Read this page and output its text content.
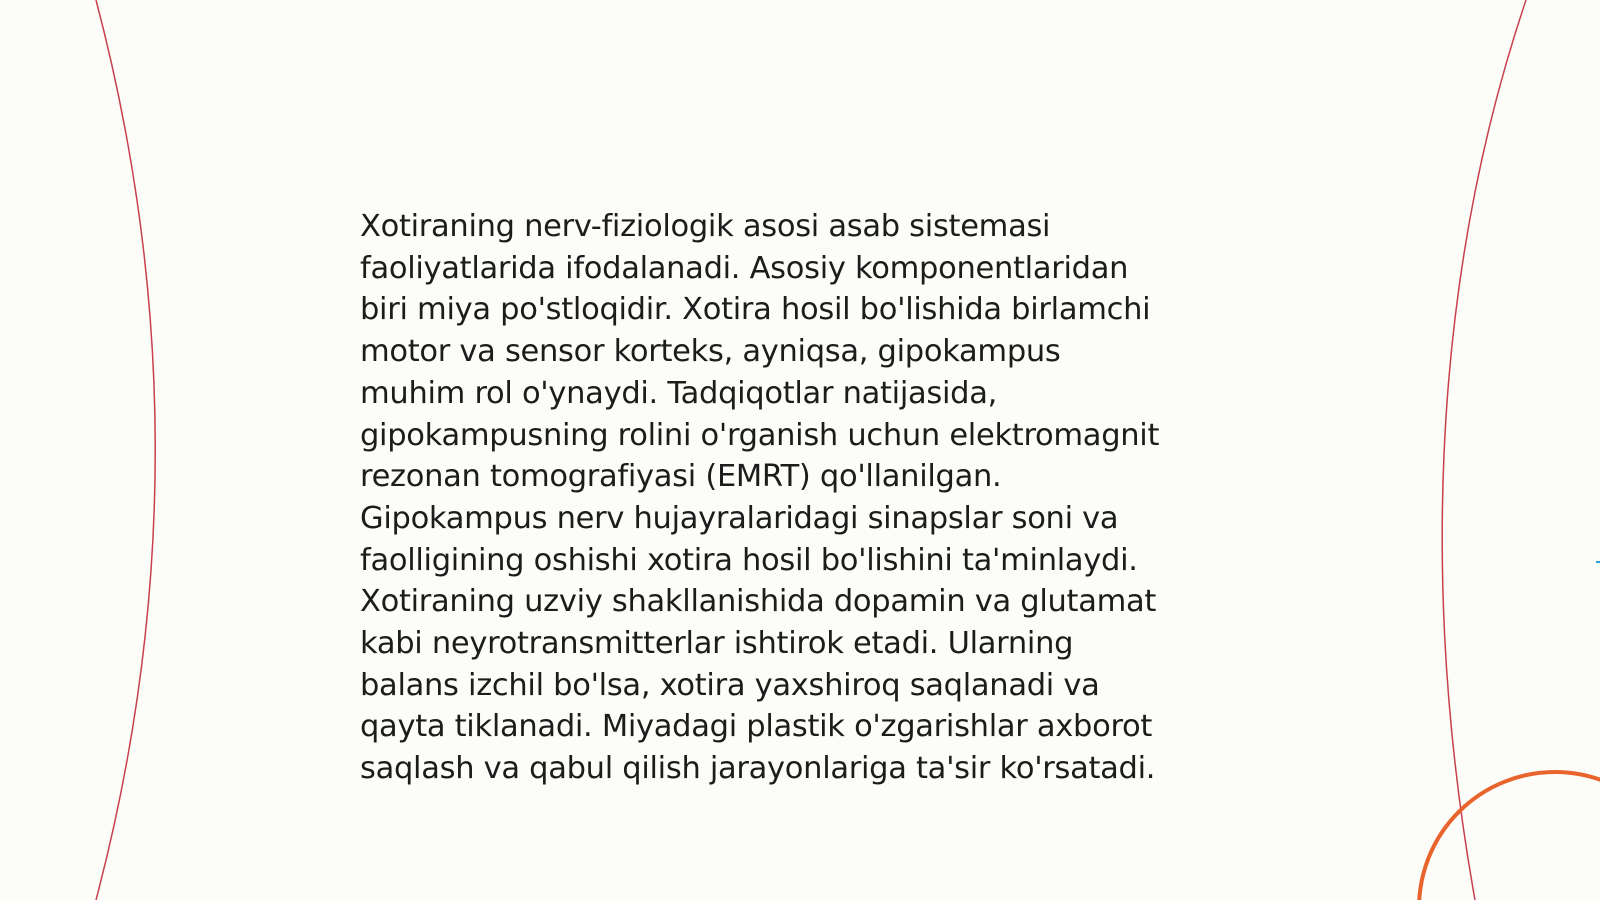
Xotiraning nerv-fiziologik asosi asab sistemasi
faoliyatlarida ifodalanadi. Asosiy komponentlaridan
biri miya po'stloqidir. Xotira hosil bo'lishida birlamchi
motor va sensor korteks, ayniqsa, gipokampus
muhim rol o'ynaydi. Tadqiqotlar natijasida,
gipokampusning rolini o'rganish uchun elektromagnit
rezonan tomografiyasi (EMRT) qo'llanilgan.
Gipokampus nerv hujayralaridagi sinapslar soni va
faolligining oshishi xotira hosil bo'lishini ta'minlaydi.
Xotiraning uzviy shakllanishida dopamin va glutamat
kabi neyrotransmitterlar ishtirok etadi. Ularning
balans izchil bo'lsa, xotira yaxshiroq saqlanadi va
qayta tiklanadi. Miyadagi plastik o'zgarishlar axborot
saqlash va qabul qilish jarayonlariga ta'sir ko'rsatadi.
